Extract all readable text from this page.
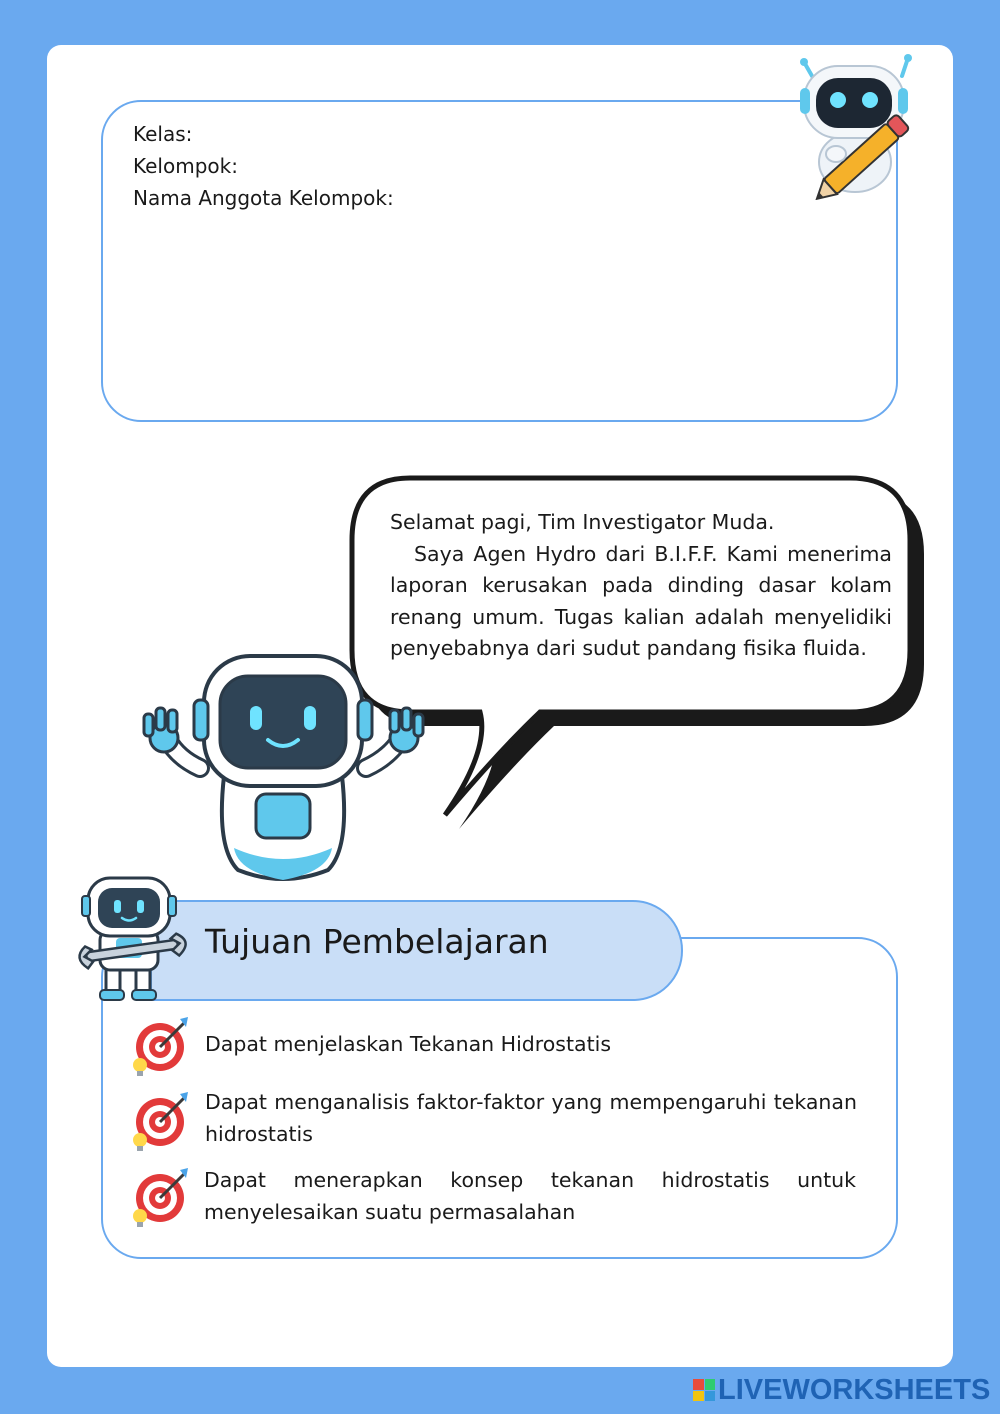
Kelas:
Kelompok:
Nama Anggota Kelompok:

Selamat pagi, Tim Investigator Muda.

Saya Agen Hydro dari B.I.F.F. Kami menerima laporan kerusakan pada dinding dasar kolam renang umum. Tugas kalian adalah menyelidiki penyebabnya dari sudut pandang fisika fluida.

Tujuan Pembelajaran
Dapat menjelaskan Tekanan Hidrostatis
Dapat menganalisis faktor-faktor yang mempengaruhi tekanan hidrostatis
Dapat menerapkan konsep tekanan hidrostatis untuk menyelesaikan suatu permasalahan
LIVEWORKSHEETS
